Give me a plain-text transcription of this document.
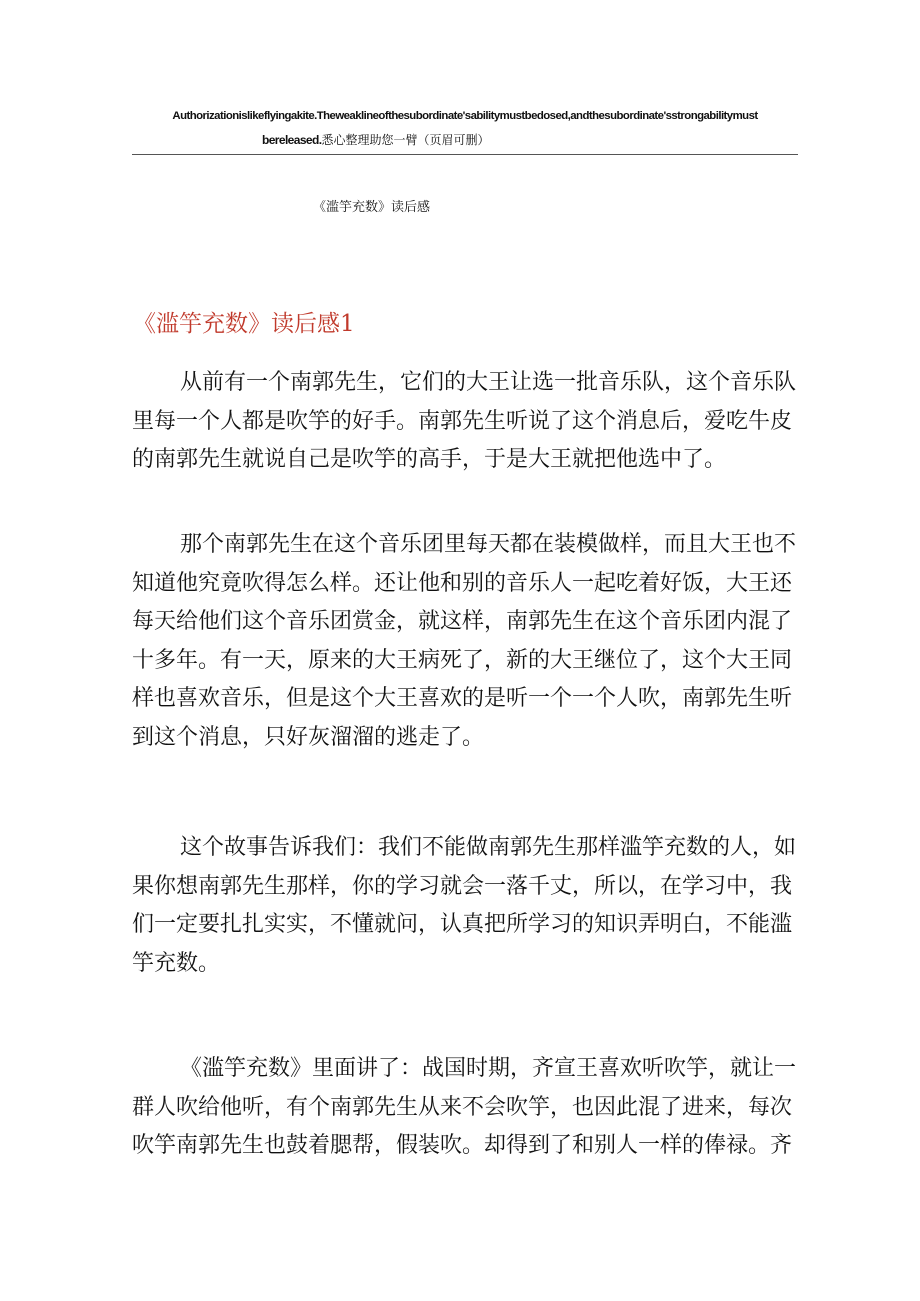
Authorizationislikeflyingakite.Theweaklineofthesubordinate'sabilitymustbedosed,andthesubordinate'sstrongabilitymust
bereleased.悉心整理助您一臂（页眉可删）
《滥竽充数》读后感
《滥竽充数》读后感1
从前有一个南郭先生，它们的大王让选一批音乐队，这个音乐队
里每一个人都是吹竽的好手。南郭先生听说了这个消息后，爱吃牛皮
的南郭先生就说自己是吹竽的高手，于是大王就把他选中了。
那个南郭先生在这个音乐团里每天都在装模做样，而且大王也不
知道他究竟吹得怎么样。还让他和别的音乐人一起吃着好饭，大王还
每天给他们这个音乐团赏金，就这样，南郭先生在这个音乐团内混了
十多年。有一天，原来的大王病死了，新的大王继位了，这个大王同
样也喜欢音乐，但是这个大王喜欢的是听一个一个人吹，南郭先生听
到这个消息，只好灰溜溜的逃走了。
这个故事告诉我们：我们不能做南郭先生那样滥竽充数的人，如
果你想南郭先生那样，你的学习就会一落千丈，所以，在学习中，我
们一定要扎扎实实，不懂就问，认真把所学习的知识弄明白，不能滥
竽充数。
《滥竽充数》里面讲了：战国时期，齐宣王喜欢听吹竽，就让一
群人吹给他听，有个南郭先生从来不会吹竽，也因此混了进来，每次
吹竽南郭先生也鼓着腮帮，假装吹。却得到了和别人一样的俸禄。齐
